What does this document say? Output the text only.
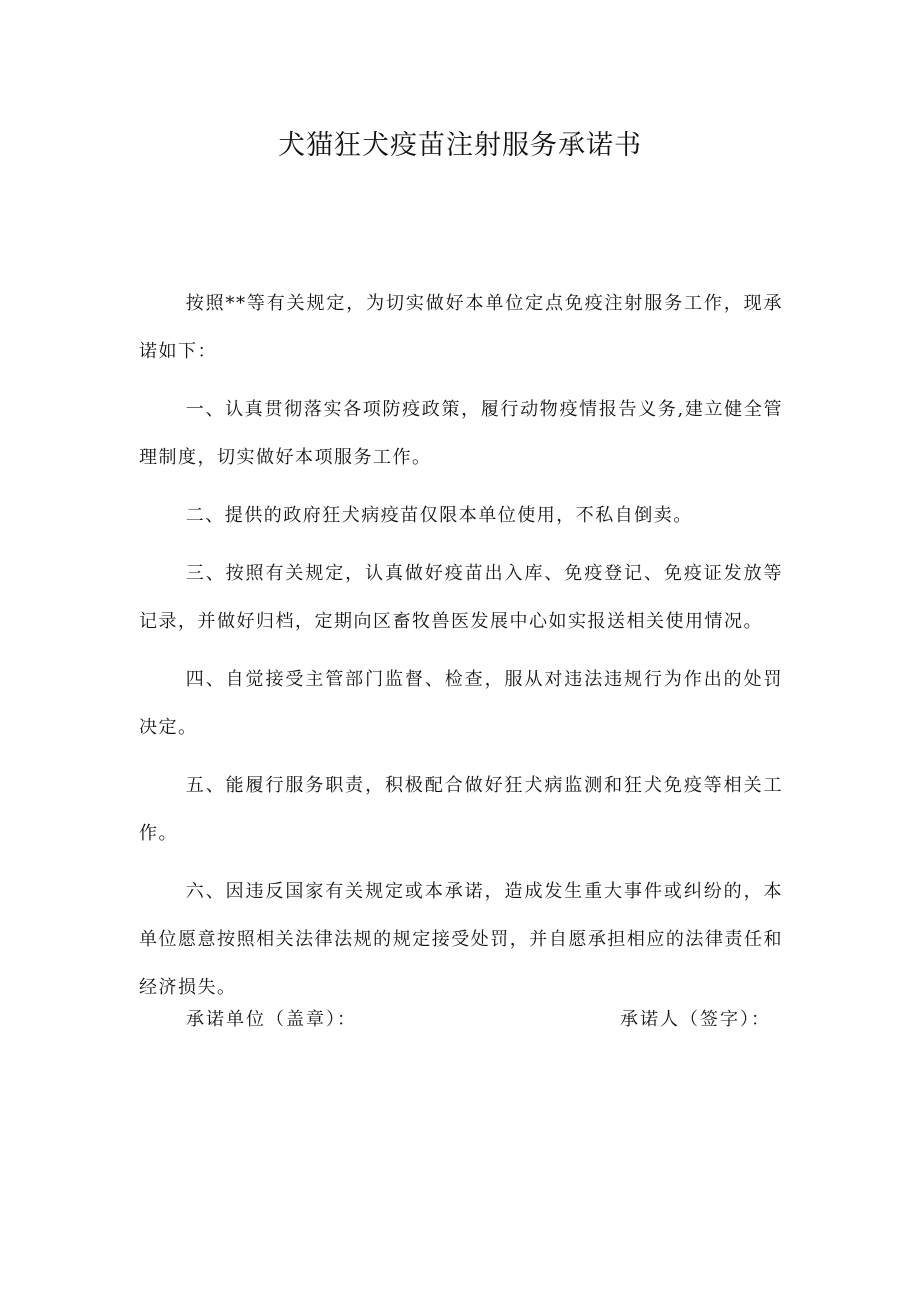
犬猫狂犬疫苗注射服务承诺书

按照**等有关规定，为切实做好本单位定点免疫注射服务工作，现承诺如下：

一、认真贯彻落实各项防疫政策，履行动物疫情报告义务,建立健全管理制度，切实做好本项服务工作。

二、提供的政府狂犬病疫苗仅限本单位使用，不私自倒卖。

三、按照有关规定，认真做好疫苗出入库、免疫登记、免疫证发放等记录，并做好归档，定期向区畜牧兽医发展中心如实报送相关使用情况。

四、自觉接受主管部门监督、检查，服从对违法违规行为作出的处罚决定。

五、能履行服务职责，积极配合做好狂犬病监测和狂犬免疫等相关工作。

六、因违反国家有关规定或本承诺，造成发生重大事件或纠纷的，本单位愿意按照相关法律法规的规定接受处罚，并自愿承担相应的法律责任和经济损失。

承诺单位（盖章）：	承诺人（签字）：
